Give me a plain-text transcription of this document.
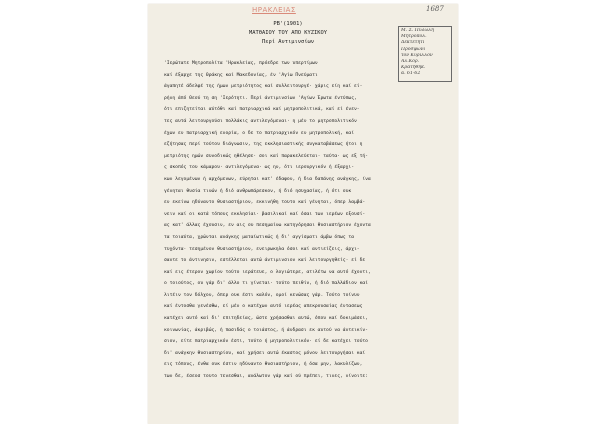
ΗΡΑΚΛΕΙΑΣ	1687
Μ. Σ. Πυλώλη
Μητροπολ.
Δεκτέτητι
Προσφωνί
τον Κυρίλλον
Αλ.Κορ.
Κρατήθηκ.
α. 61-62
ΡΒ'(1901)
ΜΑΤΘΑΙΟΥ ΤΟΥ ΑΠΟ ΚΥΖΙΚΟΥ
Περί Αντιμινσίων
'Ιερώτατε Μητροπολίτα 'Ηρακλείας, πρόεδρε των υπερτίμων
καί έξαρχε της Θράκης καί Μακεδονίας, έν 'Αγίω Πνεύματι
άγαπητέ άδελφέ της ήμων μετριότητος καί συλλειτουργέ· χάρις είη καί εί-
ρήνη άπό Θεού τη ση 'Ιερότητι. Περί άντιμινσίων 'Αγίων Έρωτα έντύπως,
ότι επιζητείται αύτόθι καί πατριαρχικά καί μητροπολιτικά, καί εί ένεν-
τες αυτά λειτουργούσι πολλάκις αντιλεγόμεναι· η μέν το μητροπολιτικόν
έχων εν πατριαρχική ενορία, ο δε το πατριαρχικόν εν μητροπολική, καί
εζήτησας περί τούτου διάγνωσιν, της εκκλησιαστικής συγκαταβάσεως ήτοι η
μετριότης ημών συνοδικώς ηθέλησε· σοι καί παρακελεύεται· ταύτα· ως εξ τή-
ς σκοπός του κάμαρου· αντιλεγόμενα· ως ην, ότι ιερουργικόν ή έξαρχι-
κων λεγομένων ή αρχόμενων, εύρηται κατ' έδαφον, ή δια δαπάνης ανάγκης, ίνα
γένηται θυσία τινών ή διό ανθρωπάρεσκον, ή διό ησυχασίας, ή ότι ουκ
εν εκείνω ηδύναντο θυσιαστήριον, εκκινήθη τουτο καί γένηται, όπερ λαμβά-
νειν καί οι κατά τόπους εκκλησίαι· βασιλικαί καί όσαι των ιερέων εξουσί-
ας κατ' άλλας έχουσιν, εν αις ου πεσημαίνω κατηγόρησαι θυσιαστήριον έχοντα
τα τοιαύτα, χρώνται ανάγκης ματαίωτικώς ή δι' αγγίσματι άμβω όπως τα
τυχόντα· τεσημένον θυσιαστήριον, ενειρωκηλα όσοι καί αντιείζεις, άρχι-
σαντε το άντινησιν, εστέλλεται αυτώ άντιμινσιον καί λειτουργηθείς· εί δε
καί εις έτερον χωρίον τούτο ιεράτευε, ο λογιώτερε, ατιλέτω να αυτό έχοντι,
ο τοιούτος, ου γάρ δι' άλλο τι γίνεται· τούτο πειθίν, ή διό παλλάδιον καί
λιτέιν τον δόλχον, όπερ ουκ έστι καλόν, ομοί κενώσας γάρ. Τούτο τοίνυν
καί έντοσθα γενέσθω, εί μέν ο κατέχων αυτό ιερέας απεκρουσαίας έντασεως
κατέχει αυτό καί δι' επιτηδείας, ώστε χρήσασθαι αυτώ, όπου καί δοκιμάσει,
κοινωνίας, άκριβώς, ή πασιδάς ο τοιάστος, ή άνδρασι εκ αυτού να άντεικίν-
σιον, είτε πατριαρχικόν έστι, τούτο ή μητροπολιτικόν· εί δε κατέχει τούτο
δι' ανάγκην θυσιαστηρίου, καί χρήσει αυτώ έκαστος μόνον λειτουργήσαι καί
εις τόπους, ένθα ουκ έστιν ηδύναντο θυσιαστήριον, ή όσα μην, λακυλίζων,
των δε, έσεοσ τουτο τενεσθαι, ανάλωτον γάρ καί ού πρέπει, τινες, νίνοιτε:
